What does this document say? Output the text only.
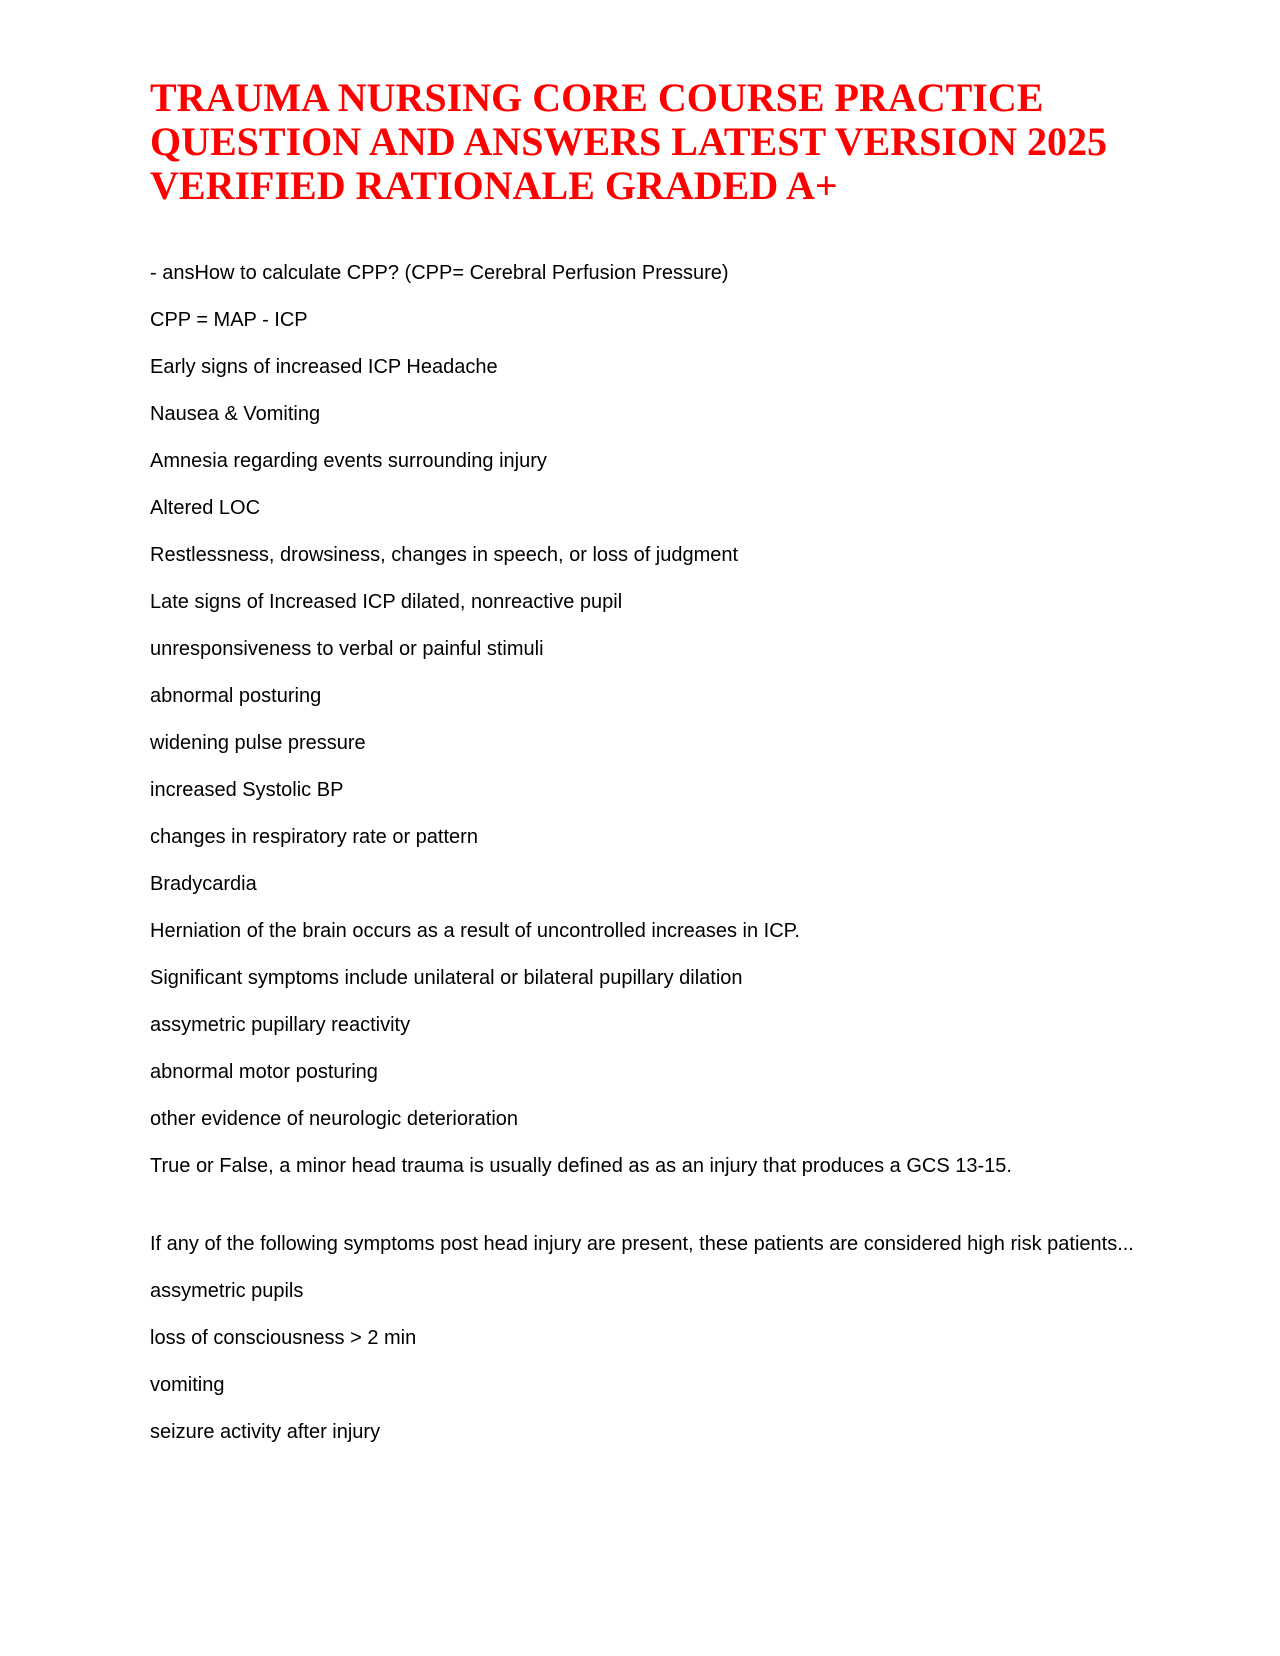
TRAUMA NURSING CORE COURSE PRACTICE
QUESTION AND ANSWERS LATEST VERSION 2025
VERIFIED RATIONALE GRADED A+

- ansHow to calculate CPP? (CPP= Cerebral Perfusion Pressure)

CPP = MAP - ICP

Early signs of increased ICP Headache

Nausea & Vomiting

Amnesia regarding events surrounding injury

Altered LOC

Restlessness, drowsiness, changes in speech, or loss of judgment

Late signs of Increased ICP dilated, nonreactive pupil

unresponsiveness to verbal or painful stimuli

abnormal posturing

widening pulse pressure

increased Systolic BP

changes in respiratory rate or pattern

Bradycardia

Herniation of the brain occurs as a result of uncontrolled increases in ICP.

Significant symptoms include unilateral or bilateral pupillary dilation

assymetric pupillary reactivity

abnormal motor posturing

other evidence of neurologic deterioration

True or False, a minor head trauma is usually defined as as an injury that produces a GCS 13-15.

If any of the following symptoms post head injury are present, these patients are considered high risk patients...

assymetric pupils

loss of consciousness > 2 min

vomiting

seizure activity after injury
